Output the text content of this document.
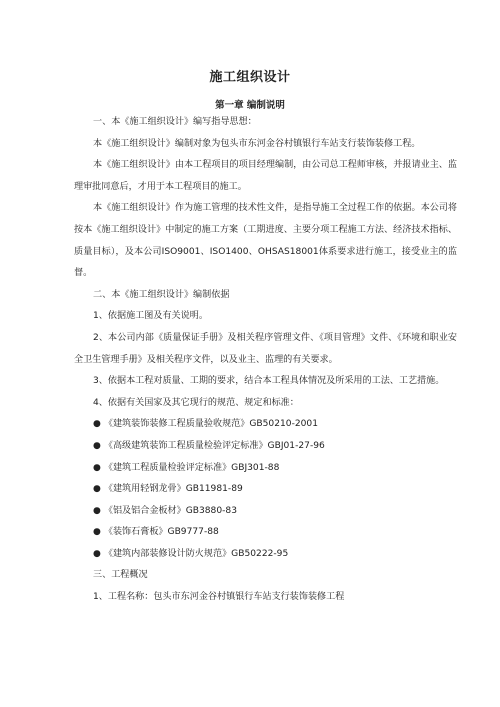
施工组织设计
第一章 编制说明

一、本《施工组织设计》编写指导思想：

本《施工组织设计》编制对象为包头市东河金谷村镇银行车站支行装饰装修工程。

本《施工组织设计》由本工程项目的项目经理编制，由公司总工程师审核，并报请业主、监理审批同意后，才用于本工程项目的施工。

本《施工组织设计》作为施工管理的技术性文件，是指导施工全过程工作的依据。本公司将按本《施工组织设计》中制定的施工方案（工期进度、主要分项工程施工方法、经济技术指标、质量目标），及本公司ISO9001、ISO1400、OHSAS18001体系要求进行施工，接受业主的监督。

二、本《施工组织设计》编制依据

1、依据施工图及有关说明。

2、本公司内部《质量保证手册》及相关程序管理文件、《项目管理》文件、《环境和职业安全卫生管理手册》及相关程序文件，以及业主、监理的有关要求。

3、依据本工程对质量、工期的要求，结合本工程具体情况及所采用的工法、工艺措施。

4、依据有关国家及其它现行的规范、规定和标准：

● 《建筑装饰装修工程质量验收规范》GB50210-2001

● 《高级建筑装饰工程质量检验评定标准》GBJ01-27-96

● 《建筑工程质量检验评定标准》GBJ301-88

● 《建筑用轻钢龙骨》GB11981-89

● 《铝及铝合金板材》GB3880-83

● 《装饰石膏板》GB9777-88

● 《建筑内部装修设计防火规范》GB50222-95

三、工程概况

1、工程名称：包头市东河金谷村镇银行车站支行装饰装修工程
